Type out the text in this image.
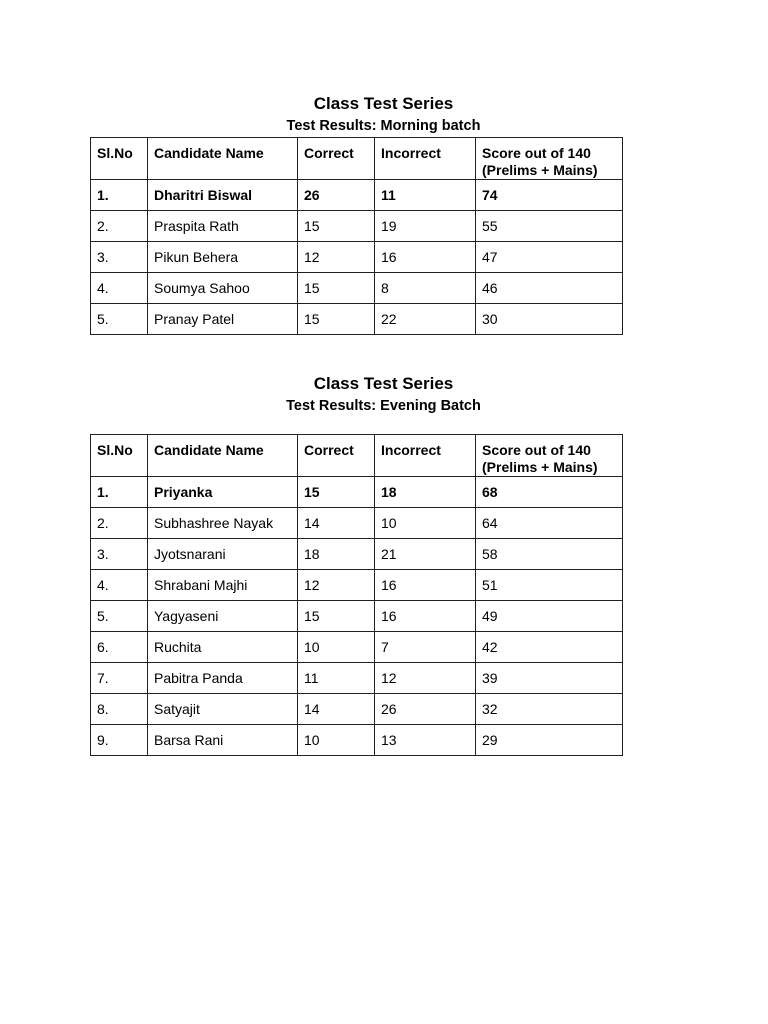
Class Test Series
Test Results: Morning batch
Sl.No	Candidate Name	Correct	Incorrect	Score out of 140
(Prelims + Mains)
1.	Dharitri Biswal	26	11	74
2.	Praspita Rath	15	19	55
3.	Pikun Behera	12	16	47
4.	Soumya Sahoo	15	8	46
5.	Pranay Patel	15	22	30
Class Test Series
Test Results: Evening Batch
Sl.No	Candidate Name	Correct	Incorrect	Score out of 140
(Prelims + Mains)
1.	Priyanka	15	18	68
2.	Subhashree Nayak	14	10	64
3.	Jyotsnarani	18	21	58
4.	Shrabani Majhi	12	16	51
5.	Yagyaseni	15	16	49
6.	Ruchita	10	7	42
7.	Pabitra Panda	11	12	39
8.	Satyajit	14	26	32
9.	Barsa Rani	10	13	29
